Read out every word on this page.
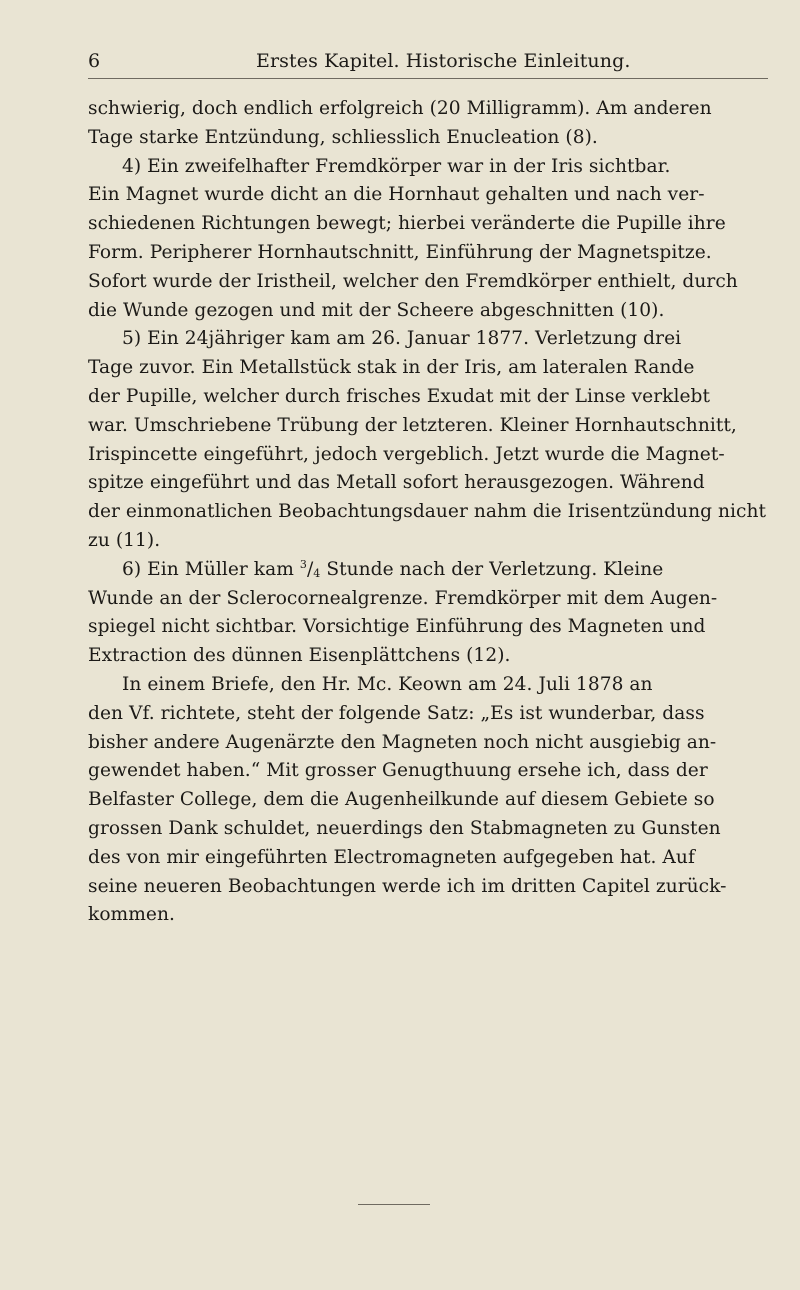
6	Erstes Kapitel. Historische Einleitung.
schwierig, doch endlich erfolgreich (20 Milligramm). Am anderen
Tage starke Entzündung, schliesslich Enucleation (8).
4) Ein zweifelhafter Fremdkörper war in der Iris sichtbar.
Ein Magnet wurde dicht an die Hornhaut gehalten und nach ver-
schiedenen Richtungen bewegt; hierbei veränderte die Pupille ihre
Form. Peripherer Hornhautschnitt, Einführung der Magnetspitze.
Sofort wurde der Iristheil, welcher den Fremdkörper enthielt, durch
die Wunde gezogen und mit der Scheere abgeschnitten (10).
5) Ein 24jähriger kam am 26. Januar 1877. Verletzung drei
Tage zuvor. Ein Metallstück stak in der Iris, am lateralen Rande
der Pupille, welcher durch frisches Exudat mit der Linse verklebt
war. Umschriebene Trübung der letzteren. Kleiner Hornhautschnitt,
Irispincette eingeführt, jedoch vergeblich. Jetzt wurde die Magnet-
spitze eingeführt und das Metall sofort herausgezogen. Während
der einmonatlichen Beobachtungsdauer nahm die Irisentzündung nicht
zu (11).
6) Ein Müller kam $^3$/4 Stunde nach der Verletzung. Kleine
Wunde an der Sclerocornealgrenze. Fremdkörper mit dem Augen-
spiegel nicht sichtbar. Vorsichtige Einführung des Magneten und
Extraction des dünnen Eisenplättchens (12).
In einem Briefe, den Hr. Mc. Keown am 24. Juli 1878 an
den Vf. richtete, steht der folgende Satz: „Es ist wunderbar, dass
bisher andere Augenärzte den Magneten noch nicht ausgiebig an-
gewendet haben.“ Mit grosser Genugthuung ersehe ich, dass der
Belfaster College, dem die Augenheilkunde auf diesem Gebiete so
grossen Dank schuldet, neuerdings den Stabmagneten zu Gunsten
des von mir eingeführten Electromagneten aufgegeben hat. Auf
seine neueren Beobachtungen werde ich im dritten Capitel zurück-
kommen.
